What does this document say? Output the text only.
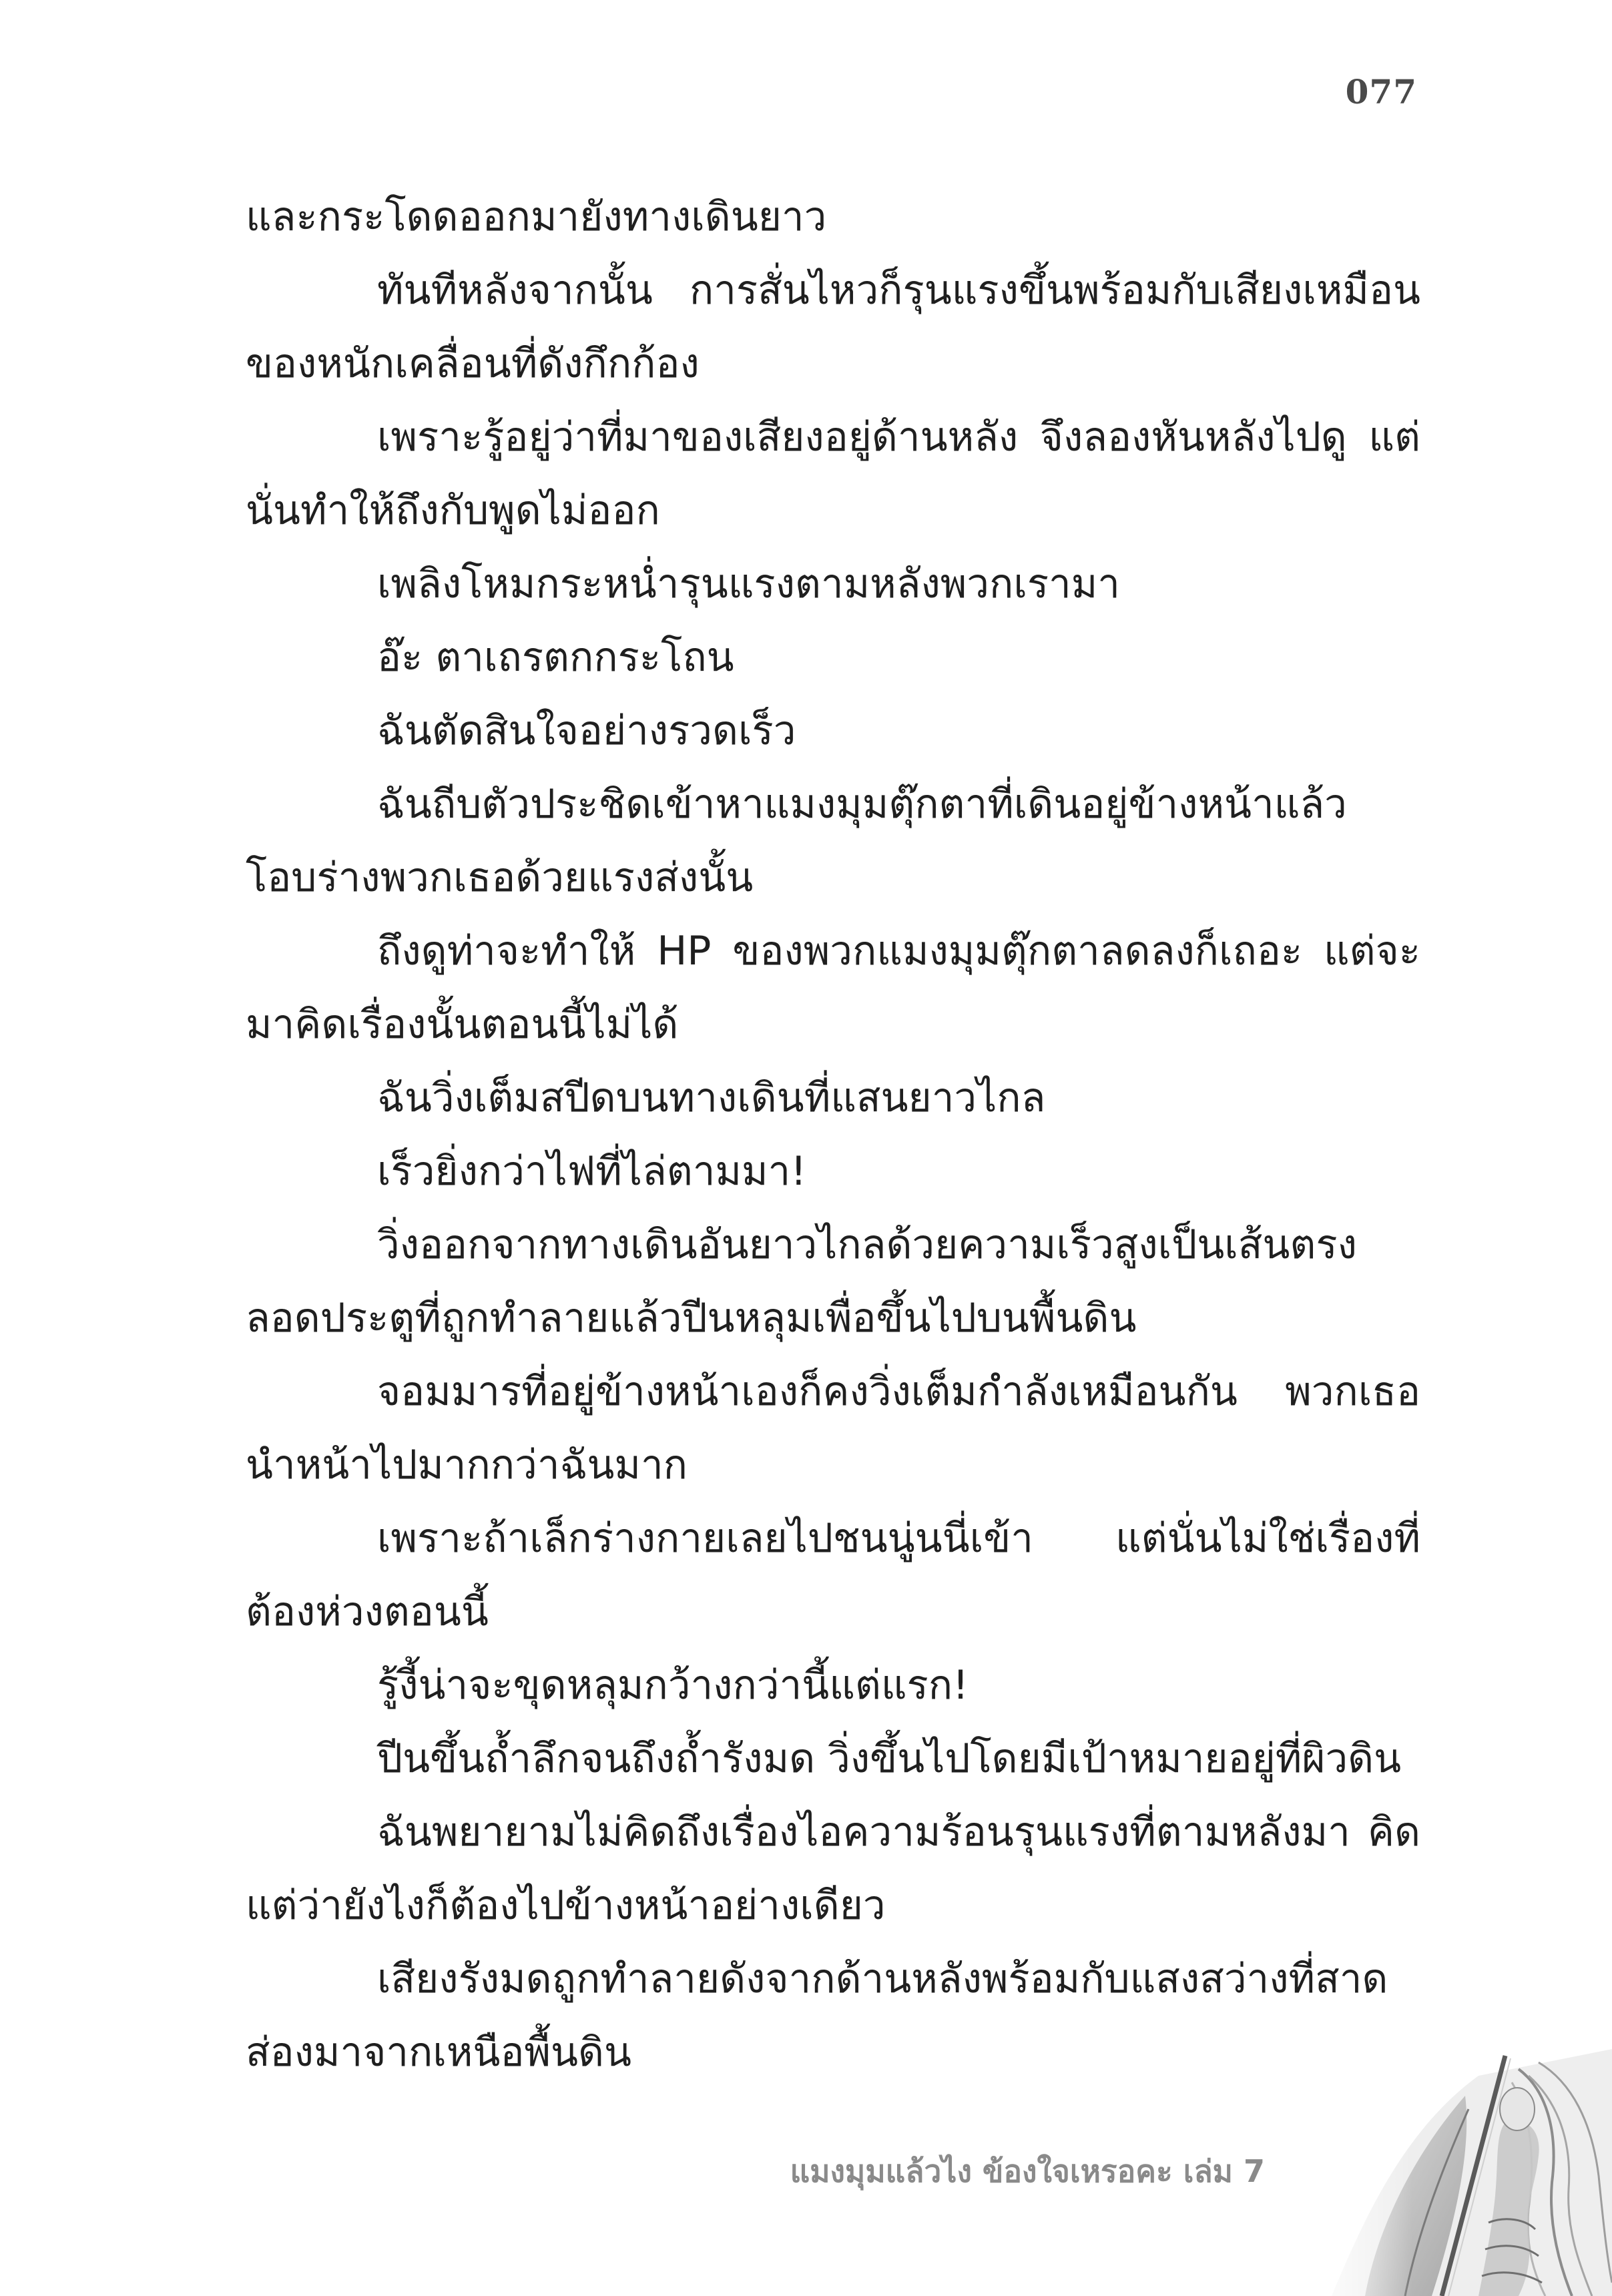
077

และกระโดดออกมายังทางเดินยาว

ทันทีหลังจากนั้น การสั่นไหวก็รุนแรงขึ้นพร้อมกับเสียงเหมือนของหนักเคลื่อนที่ดังกึกก้อง

เพราะรู้อยู่ว่าที่มาของเสียงอยู่ด้านหลัง จึงลองหันหลังไปดู แต่นั่นทำให้ถึงกับพูดไม่ออก

เพลิงโหมกระหน่ำรุนแรงตามหลังพวกเรามา

อ๊ะ ตาเถรตกกระโถน

ฉันตัดสินใจอย่างรวดเร็ว

ฉันถีบตัวประชิดเข้าหาแมงมุมตุ๊กตาที่เดินอยู่ข้างหน้าแล้ว โอบร่างพวกเธอด้วยแรงส่งนั้น

ถึงดูท่าจะทำให้ HP ของพวกแมงมุมตุ๊กตาลดลงก็เถอะ แต่จะมาคิดเรื่องนั้นตอนนี้ไม่ได้

ฉันวิ่งเต็มสปีดบนทางเดินที่แสนยาวไกล

เร็วยิ่งกว่าไฟที่ไล่ตามมา!

วิ่งออกจากทางเดินอันยาวไกลด้วยความเร็วสูงเป็นเส้นตรง ลอดประตูที่ถูกทำลายแล้วปีนหลุมเพื่อขึ้นไปบนพื้นดิน

จอมมารที่อยู่ข้างหน้าเองก็คงวิ่งเต็มกำลังเหมือนกัน พวกเธอนำหน้าไปมากกว่าฉันมาก

เพราะถ้าเล็กร่างกายเลยไปชนนู่นนี่เข้า แต่นั่นไม่ใช่เรื่องที่ต้องห่วงตอนนี้

รู้งี้น่าจะขุดหลุมกว้างกว่านี้แต่แรก!

ปีนขึ้นถ้ำลึกจนถึงถ้ำรังมด วิ่งขึ้นไปโดยมีเป้าหมายอยู่ที่ผิวดิน

ฉันพยายามไม่คิดถึงเรื่องไอความร้อนรุนแรงที่ตามหลังมา คิดแต่ว่ายังไงก็ต้องไปข้างหน้าอย่างเดียว

เสียงรังมดถูกทำลายดังจากด้านหลังพร้อมกับแสงสว่างที่สาดส่องมาจากเหนือพื้นดิน

แมงมุมแล้วไง ข้องใจเหรอคะ เล่ม 7
